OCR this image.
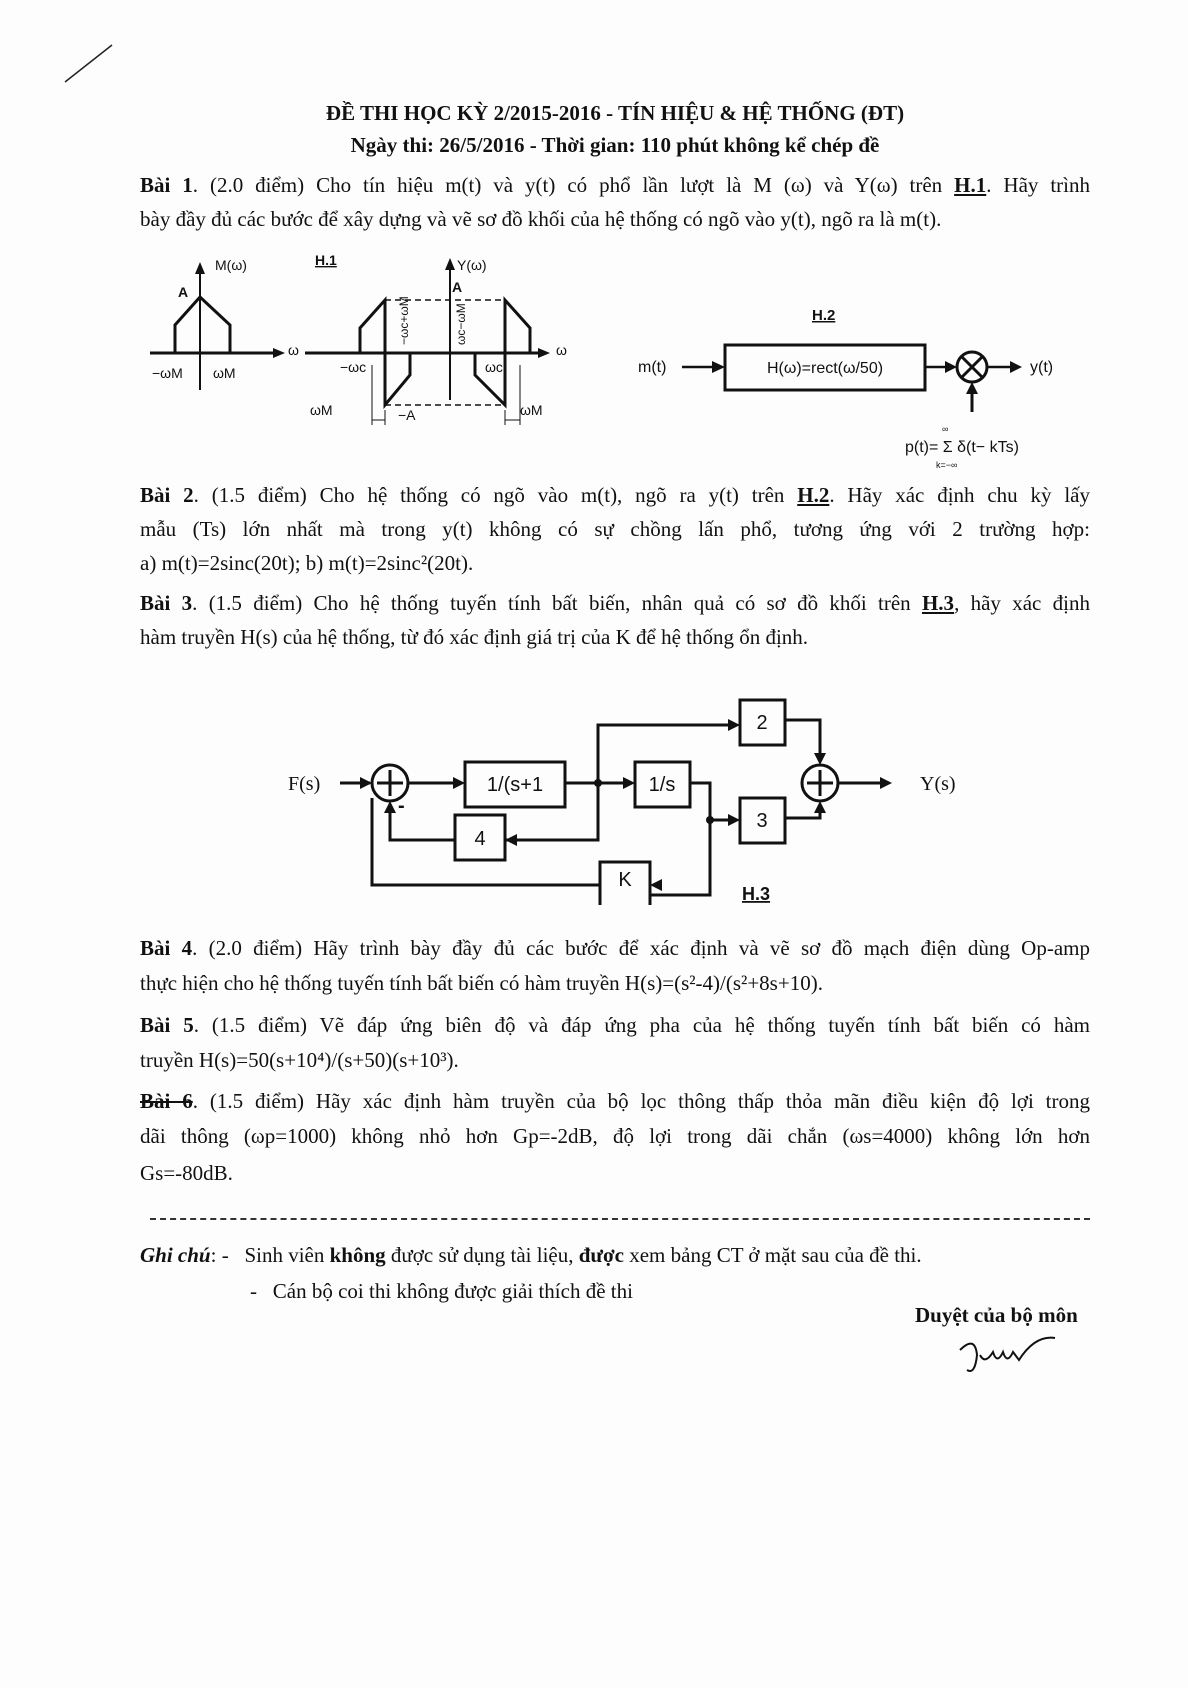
ĐỀ THI HỌC KỲ 2/2015-2016 - TÍN HIỆU & HỆ THỐNG (ĐT)
Ngày thi: 26/5/2016 - Thời gian: 110 phút không kể chép đề
Bài 1. (2.0 điểm) Cho tín hiệu m(t) và y(t) có phổ lần lượt là M (ω) và Y(ω) trên H.1. Hãy trình
bày đầy đủ các bước để xây dựng và vẽ sơ đồ khối của hệ thống có ngõ vào y(t), ngõ ra là m(t).
M(ω)	H.1	Y(ω)
A	A
ω	ω
−ωM ωM	−ωc	ωc
−A
ωM	ωM
−ωc+ωM	ωc−ωM	H.2
m(t)	H(ω)=rect(ω/50)	y(t)
p(t)= Σ δ(t− kTs)
∞
k=−∞
Bài 2. (1.5 điểm) Cho hệ thống có ngõ vào m(t), ngõ ra y(t) trên H.2. Hãy xác định chu kỳ lấy
mẫu (Ts) lớn nhất mà trong y(t) không có sự chồng lấn phổ, tương ứng với 2 trường hợp:
a) m(t)=2sinc(20t); b) m(t)=2sinc²(20t).
Bài 3. (1.5 điểm) Cho hệ thống tuyến tính bất biến, nhân quả có sơ đồ khối trên H.3, hãy xác định
hàm truyền H(s) của hệ thống, từ đó xác định giá trị của K để hệ thống ổn định.
F(s)	Y(s)
1/(s+1	1/s
2
3
4
K
-
H.3
Bài 4. (2.0 điểm) Hãy trình bày đầy đủ các bước để xác định và vẽ sơ đồ mạch điện dùng Op-amp
thực hiện cho hệ thống tuyến tính bất biến có hàm truyền H(s)=(s²-4)/(s²+8s+10).
Bài 5. (1.5 điểm) Vẽ đáp ứng biên độ và đáp ứng pha của hệ thống tuyến tính bất biến có hàm
truyền H(s)=50(s+10⁴)/(s+50)(s+10³).
Bài 6. (1.5 điểm) Hãy xác định hàm truyền của bộ lọc thông thấp thỏa mãn điều kiện độ lợi trong
dãi thông (ωp=1000) không nhỏ hơn Gp=-2dB, độ lợi trong dãi chắn (ωs=4000) không lớn hơn
Gs=-80dB.
Ghi chú: -   Sinh viên không được sử dụng tài liệu, được xem bảng CT ở mặt sau của đề thi.
-   Cán bộ coi thi không được giải thích đề thi
Duyệt của bộ môn
